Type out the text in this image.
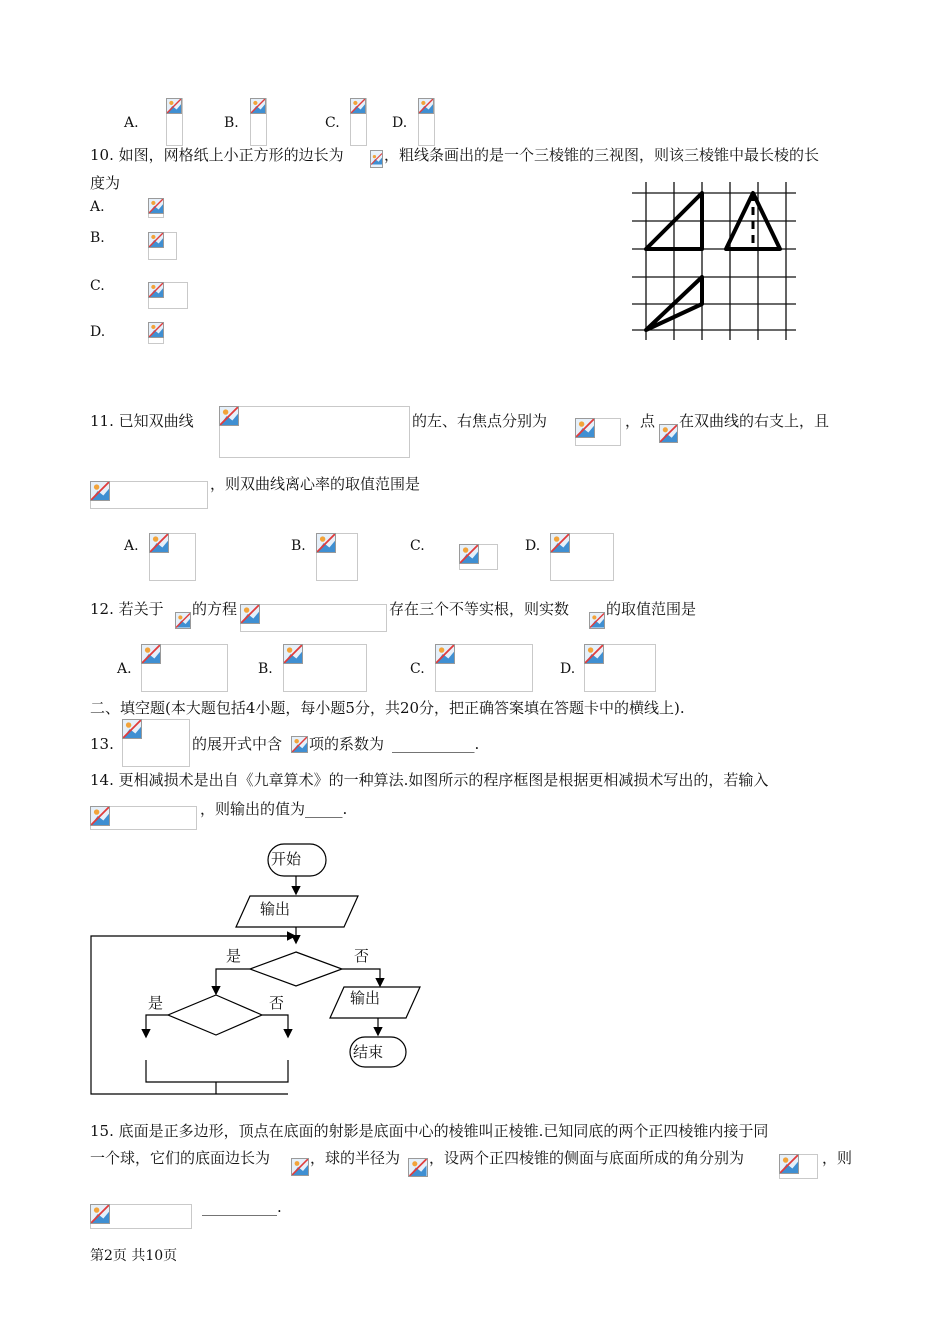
A.	B.	C.	D.
10. 如图，网格纸上小正方形的边长为	，粗线条画出的是一个三棱锥的三视图，则该三棱锥中最长棱的长
度为
A.
B.
C.
D.
11. 已知双曲线	的左、右焦点分别为	，点 在双曲线的右支上，且
，则双曲线离心率的取值范围是
A.	B.	C.	D.
12. 若关于 的方程	存在三个不等实根，则实数 的取值范围是
A.	B.	C.	D.
二、填空题(本大题包括4小题，每小题5分，共20分，把正确答案填在答题卡中的横线上).
13.	的展开式中含 项的系数为 ___________.
14. 更相减损术是出自《九章算术》的一种算法.如图所示的程序框图是根据更相减损术写出的，若输入
，则输出的值为_____.
开始
输出
是	否
输出
是	否
结束
15. 底面是正多边形，顶点在底面的射影是底面中心的棱锥叫正棱锥.已知同底的两个正四棱锥内接于同
一个球，它们的底面边长为	，球的半径为 ，设两个正四棱锥的侧面与底面所成的角分别为	，则
__________.
第2页 共10页
